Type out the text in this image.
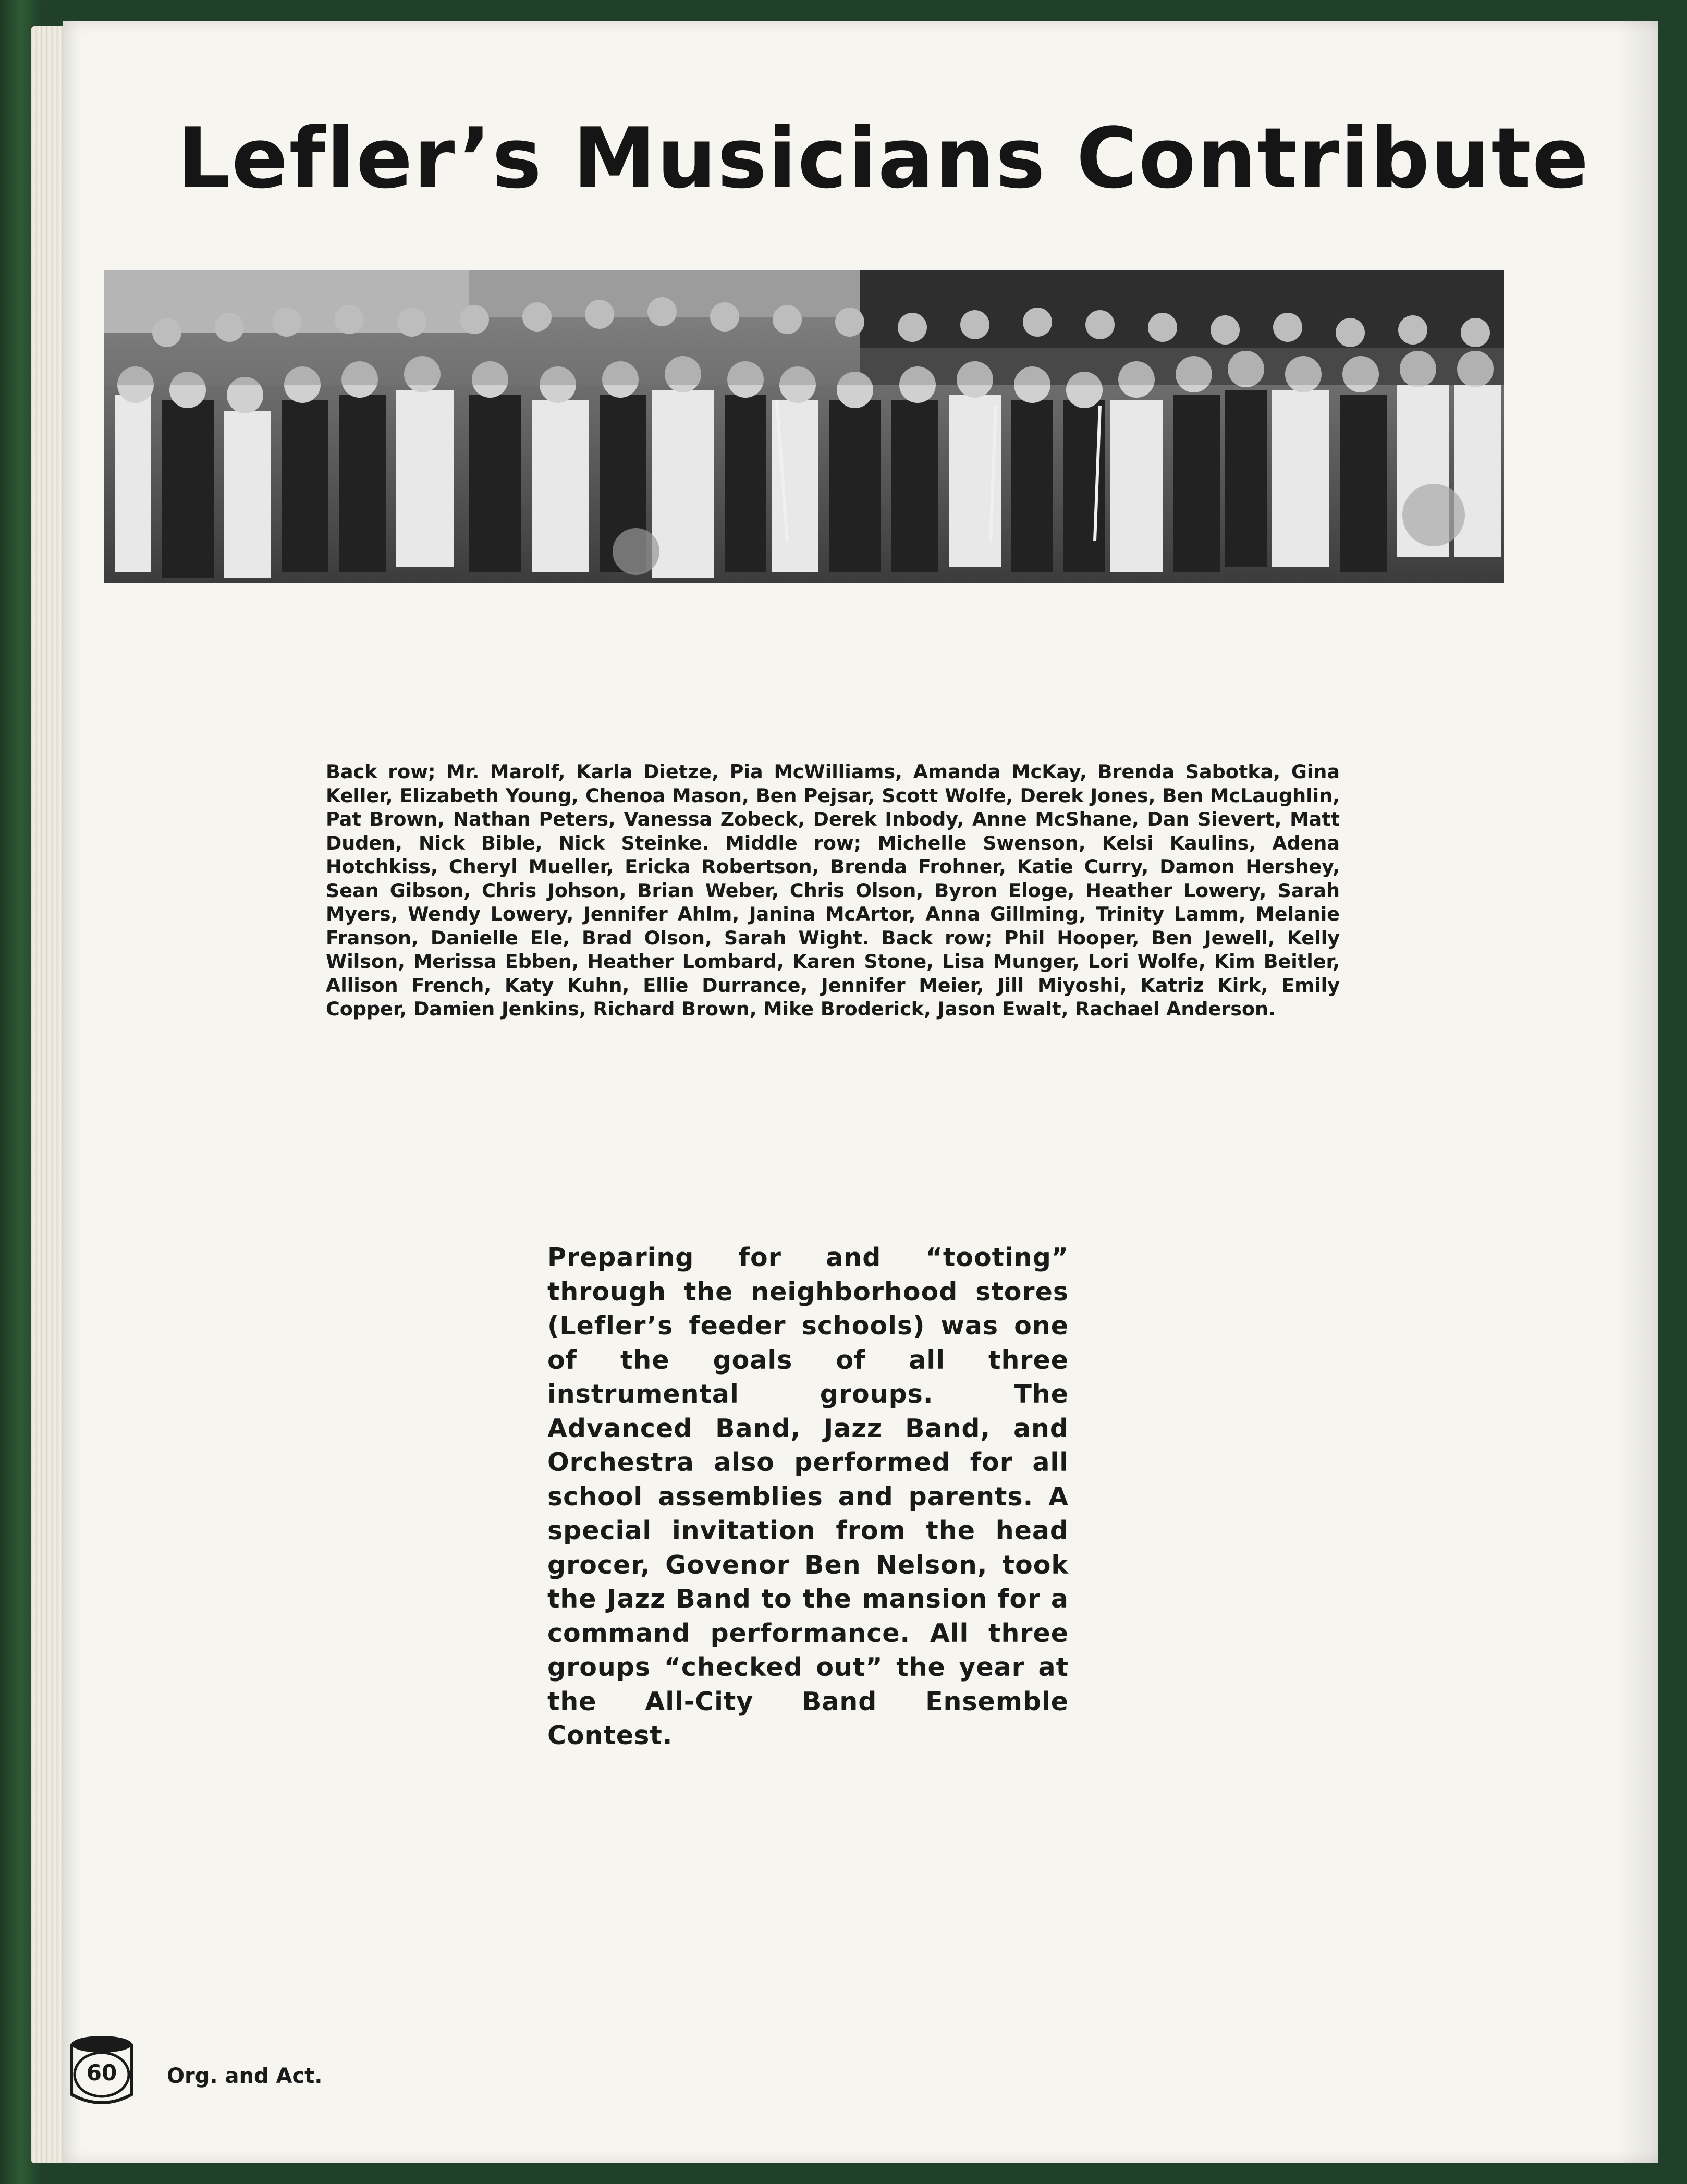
Lefler’s Musicians Contribute
Back row; Mr. Marolf, Karla Dietze, Pia McWilliams, Amanda McKay, Brenda Sabotka, Gina Keller, Elizabeth Young, Chenoa Mason, Ben Pejsar, Scott Wolfe, Derek Jones, Ben McLaughlin, Pat Brown, Nathan Peters, Vanessa Zobeck, Derek Inbody, Anne McShane, Dan Sievert, Matt Duden, Nick Bible, Nick Steinke. Middle row; Michelle Swenson, Kelsi Kaulins, Adena Hotchkiss, Cheryl Mueller, Ericka Robertson, Brenda Frohner, Katie Curry, Damon Hershey, Sean Gibson, Chris Johson, Brian Weber, Chris Olson, Byron Eloge, Heather Lowery, Sarah Myers, Wendy Lowery, Jennifer Ahlm, Janina McArtor, Anna Gillming, Trinity Lamm, Melanie Franson, Danielle Ele, Brad Olson, Sarah Wight. Back row; Phil Hooper, Ben Jewell, Kelly Wilson, Merissa Ebben, Heather Lombard, Karen Stone, Lisa Munger, Lori Wolfe, Kim Beitler, Allison French, Katy Kuhn, Ellie Durrance, Jennifer Meier, Jill Miyoshi, Katriz Kirk, Emily Copper, Damien Jenkins, Richard Brown, Mike Broderick, Jason Ewalt, Rachael Anderson.
Preparing for and “tooting” through the neighborhood stores (Lefler’s feeder schools) was one of the goals of all three instrumental groups. The Advanced Band, Jazz Band, and Orchestra also performed for all school assemblies and parents. A special invitation from the head grocer, Govenor Ben Nelson, took the Jazz Band to the mansion for a command performance. All three groups “checked out” the year at the All-City Band Ensemble Contest.
60	Org. and Act.
